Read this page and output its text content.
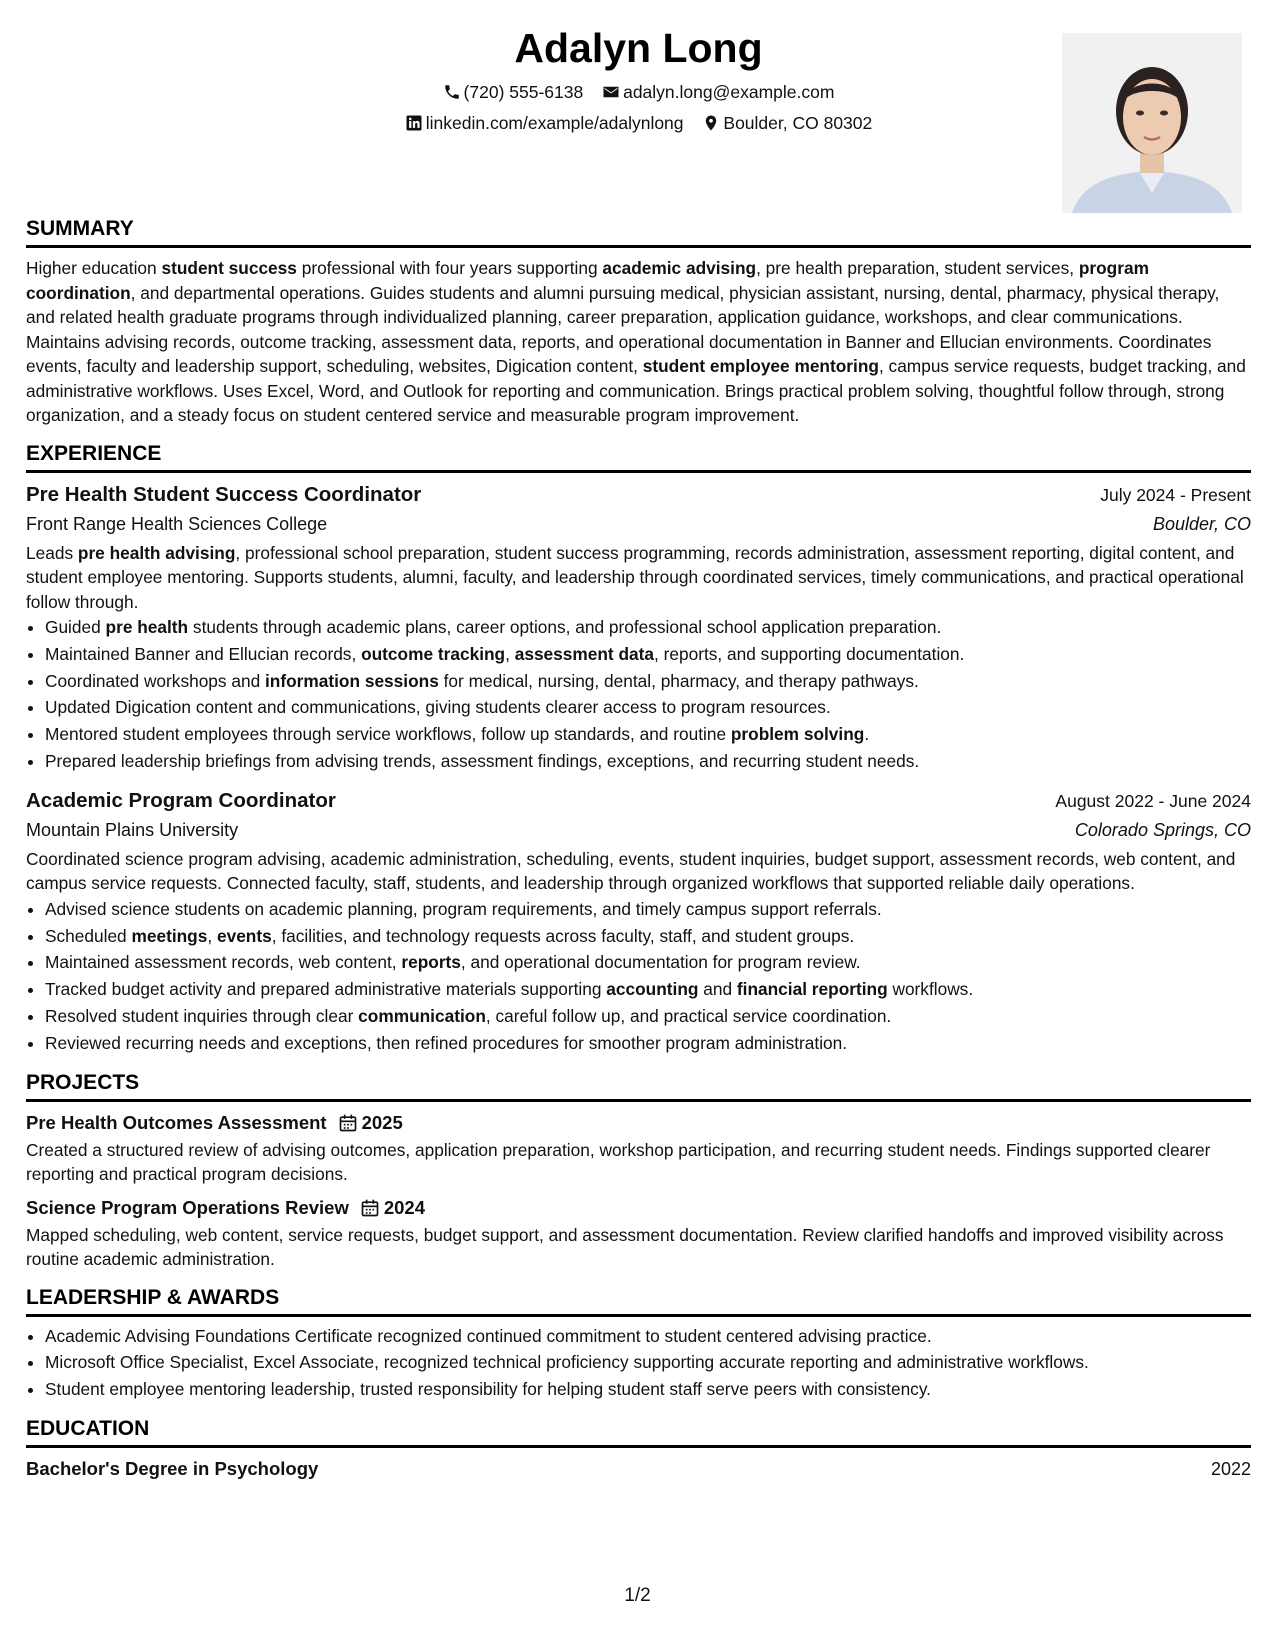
Adalyn Long
(720) 555-6138
adalyn.long@example.com
linkedin.com/example/adalynlong
Boulder, CO 80302
SUMMARY

Higher education student success professional with four years supporting academic advising, pre health preparation, student services, program coordination, and departmental operations. Guides students and alumni pursuing medical, physician assistant, nursing, dental, pharmacy, physical therapy, and related health graduate programs through individualized planning, career preparation, application guidance, workshops, and clear communications. Maintains advising records, outcome tracking, assessment data, reports, and operational documentation in Banner and Ellucian environments. Coordinates events, faculty and leadership support, scheduling, websites, Digication content, student employee mentoring, campus service requests, budget tracking, and administrative workflows. Uses Excel, Word, and Outlook for reporting and communication. Brings practical problem solving, thoughtful follow through, strong organization, and a steady focus on student centered service and measurable program improvement.

EXPERIENCE
Pre Health Student Success Coordinator	July 2024 - Present
Front Range Health Sciences College	Boulder, CO

Leads pre health advising, professional school preparation, student success programming, records administration, assessment reporting, digital content, and student employee mentoring. Supports students, alumni, faculty, and leadership through coordinated services, timely communications, and practical operational follow through.

• Guided pre health students through academic plans, career options, and professional school application preparation.
• Maintained Banner and Ellucian records, outcome tracking, assessment data, reports, and supporting documentation.
• Coordinated workshops and information sessions for medical, nursing, dental, pharmacy, and therapy pathways.
• Updated Digication content and communications, giving students clearer access to program resources.
• Mentored student employees through service workflows, follow up standards, and routine problem solving.
• Prepared leadership briefings from advising trends, assessment findings, exceptions, and recurring student needs.
Academic Program Coordinator	August 2022 - June 2024
Mountain Plains University	Colorado Springs, CO

Coordinated science program advising, academic administration, scheduling, events, student inquiries, budget support, assessment records, web content, and campus service requests. Connected faculty, staff, students, and leadership through organized workflows that supported reliable daily operations.

• Advised science students on academic planning, program requirements, and timely campus support referrals.
• Scheduled meetings, events, facilities, and technology requests across faculty, staff, and student groups.
• Maintained assessment records, web content, reports, and operational documentation for program review.
• Tracked budget activity and prepared administrative materials supporting accounting and financial reporting workflows.
• Resolved student inquiries through clear communication, careful follow up, and practical service coordination.
• Reviewed recurring needs and exceptions, then refined procedures for smoother program administration.
PROJECTS
Pre Health Outcomes Assessment 2025

Created a structured review of advising outcomes, application preparation, workshop participation, and recurring student needs. Findings supported clearer reporting and practical program decisions.

Science Program Operations Review 2024

Mapped scheduling, web content, service requests, budget support, and assessment documentation. Review clarified handoffs and improved visibility across routine academic administration.

LEADERSHIP & AWARDS
• Academic Advising Foundations Certificate recognized continued commitment to student centered advising practice.
• Microsoft Office Specialist, Excel Associate, recognized technical proficiency supporting accurate reporting and administrative workflows.
• Student employee mentoring leadership, trusted responsibility for helping student staff serve peers with consistency.
EDUCATION
Bachelor's Degree in Psychology	2022
1/2
